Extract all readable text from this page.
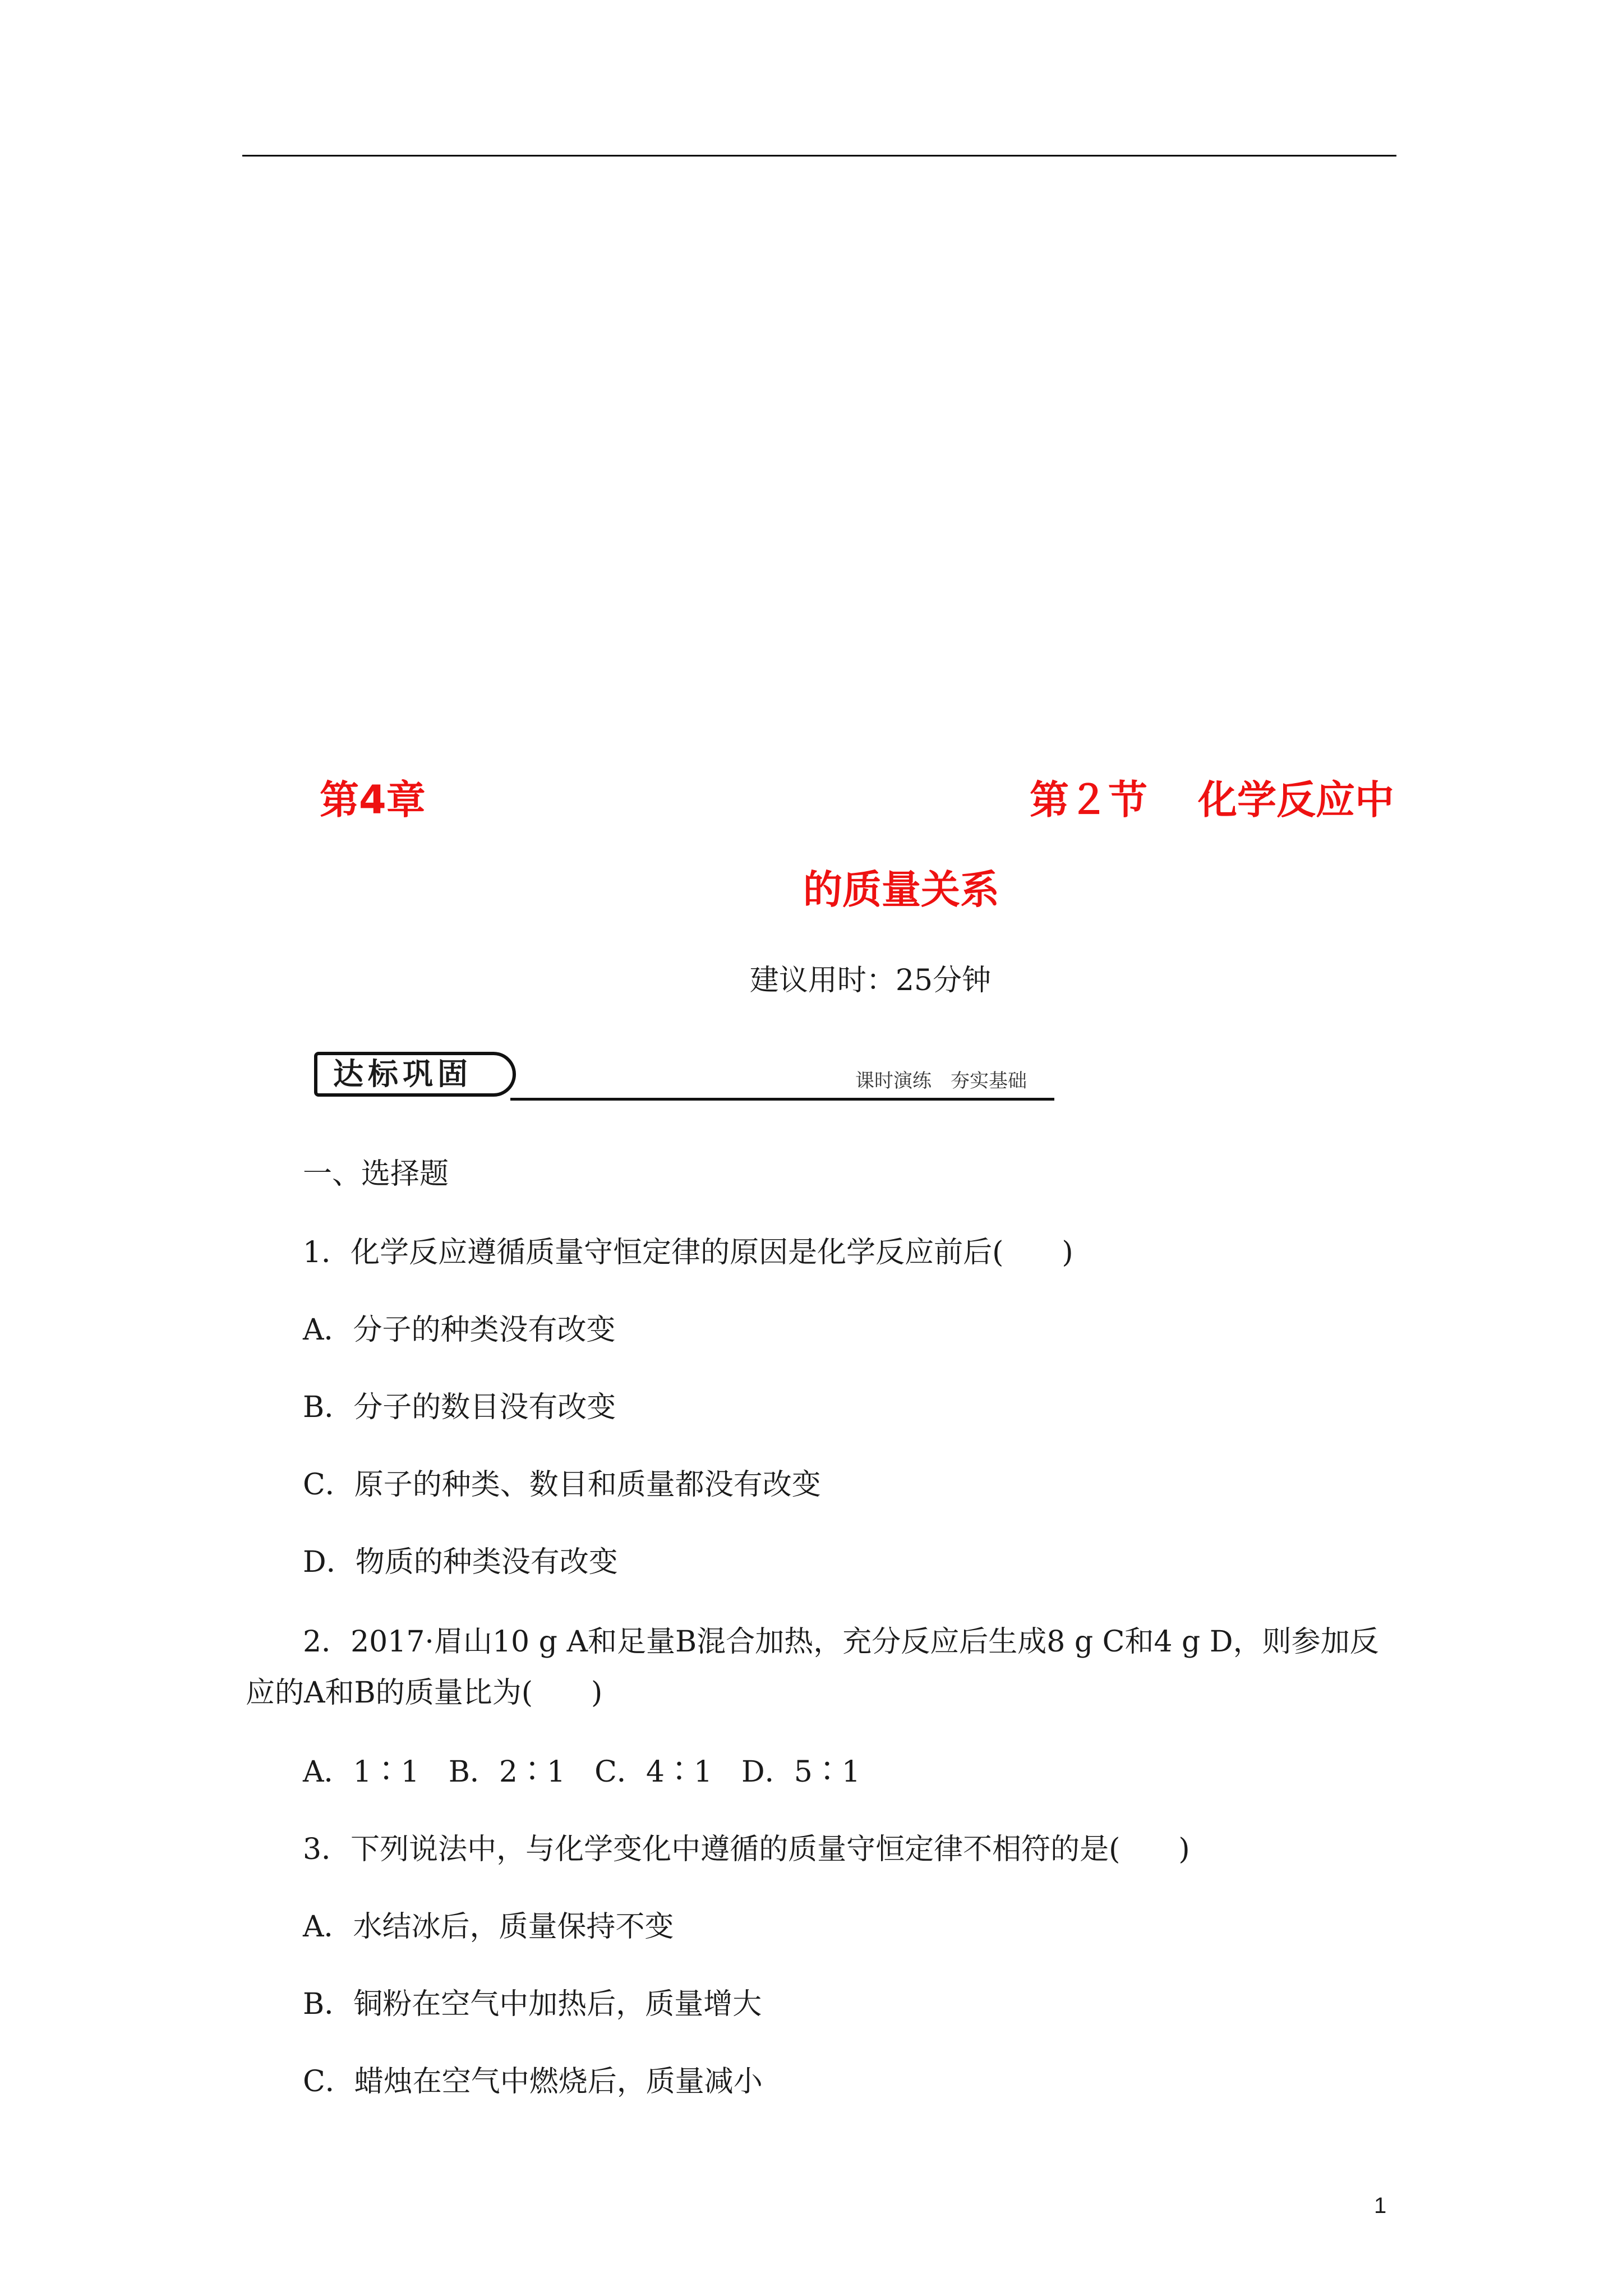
第4章	第２节 化学反应中
的质量关系
建议用时：25分钟
达标巩固	课时演练　夯实基础
一、选择题
1．化学反应遵循质量守恒定律的原因是化学反应前后(　　)
A．分子的种类没有改变
B．分子的数目没有改变
C．原子的种类、数目和质量都没有改变
D．物质的种类没有改变
2．2017·眉山10 g A和足量B混合加热，充分反应后生成8 g C和4 g D，则参加反
应的A和B的质量比为(　　)
A．1∶1　B．2∶1　C．4∶1　D．5∶1
3．下列说法中，与化学变化中遵循的质量守恒定律不相符的是(　　)
A．水结冰后，质量保持不变
B．铜粉在空气中加热后，质量增大
C．蜡烛在空气中燃烧后，质量减小
1
